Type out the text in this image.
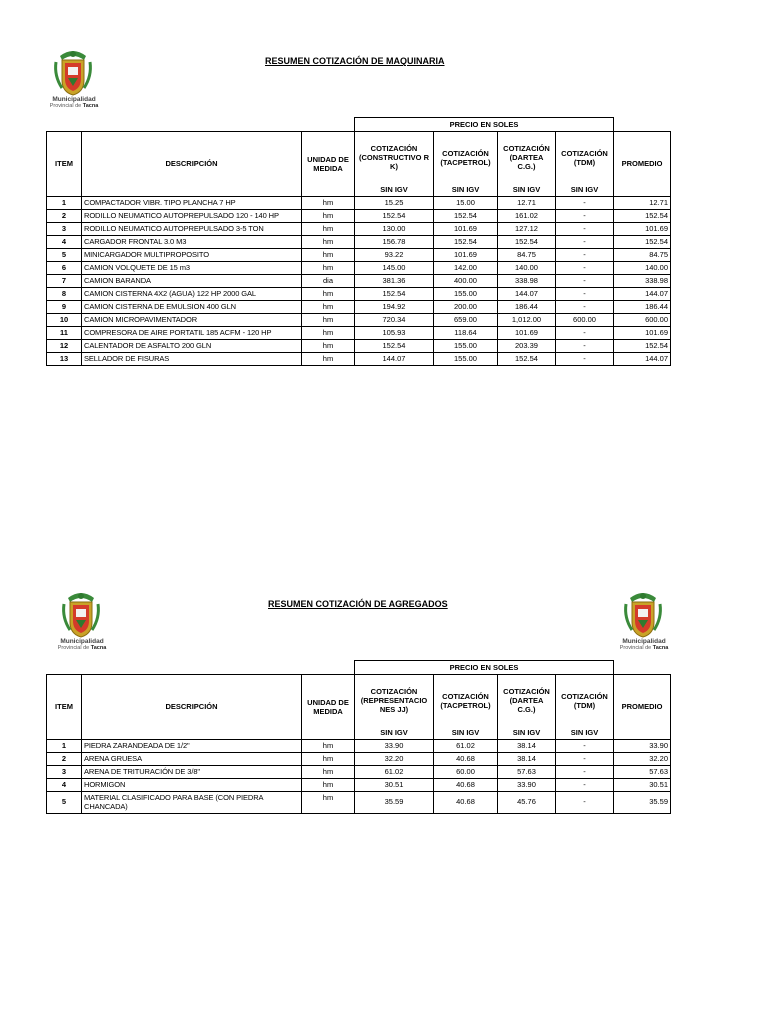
Municipalidad
Provincial de Tacna
RESUMEN COTIZACIÓN DE MAQUINARIA
			PRECIO EN SOLES				
ITEM	DESCRIPCIÓN	UNIDAD DE MEDIDA	COTIZACIÓN (CONSTRUCTIVO R K)	COTIZACIÓN (TACPETROL)	COTIZACIÓN (DARTEA C.G.)	COTIZACIÓN (TDM)	PROMEDIO
			SIN IGV	SIN IGV	SIN IGV	SIN IGV	
1	COMPACTADOR VIBR. TIPO PLANCHA 7 HP	hm	15.25	15.00	12.71	-	12.71
2	RODILLO NEUMATICO AUTOPREPULSADO 120 - 140 HP	hm	152.54	152.54	161.02	-	152.54
3	RODILLO NEUMATICO AUTOPREPULSADO 3-5 TON	hm	130.00	101.69	127.12	-	101.69
4	CARGADOR FRONTAL 3.0 M3	hm	156.78	152.54	152.54	-	152.54
5	MINICARGADOR MULTIPROPOSITO	hm	93.22	101.69	84.75	-	84.75
6	CAMION VOLQUETE DE 15 m3	hm	145.00	142.00	140.00	-	140.00
7	CAMION BARANDA	dia	381.36	400.00	338.98	-	338.98
8	CAMION CISTERNA 4X2 (AGUA) 122 HP 2000 GAL	hm	152.54	155.00	144.07	-	144.07
9	CAMION CISTERNA DE EMULSION 400 GLN	hm	194.92	200.00	186.44	-	186.44
10	CAMION MICROPAVIMENTADOR	hm	720.34	659.00	1,012.00	600.00	600.00
11	COMPRESORA DE AIRE PORTATIL 185 ACFM - 120 HP	hm	105.93	118.64	101.69	-	101.69
12	CALENTADOR DE ASFALTO 200 GLN	hm	152.54	155.00	203.39	-	152.54
13	SELLADOR DE FISURAS	hm	144.07	155.00	152.54	-	144.07
Municipalidad
Provincial de Tacna
Municipalidad
Provincial de Tacna
RESUMEN COTIZACIÓN DE AGREGADOS
			PRECIO EN SOLES				
ITEM	DESCRIPCIÓN	UNIDAD DE MEDIDA	COTIZACIÓN (REPRESENTACIO NES JJ)	COTIZACIÓN (TACPETROL)	COTIZACIÓN (DARTEA C.G.)	COTIZACIÓN (TDM)	PROMEDIO
			SIN IGV	SIN IGV	SIN IGV	SIN IGV	
1	PIEDRA ZARANDEADA DE 1/2"	hm	33.90	61.02	38.14	-	33.90
2	ARENA GRUESA	hm	32.20	40.68	38.14	-	32.20
3	ARENA DE TRITURACIÓN DE 3/8"	hm	61.02	60.00	57.63	-	57.63
4	HORMIGON	hm	30.51	40.68	33.90	-	30.51
5	MATERIAL CLASIFICADO PARA BASE (CON PIEDRA CHANCADA)	hm	35.59	40.68	45.76	-	35.59
